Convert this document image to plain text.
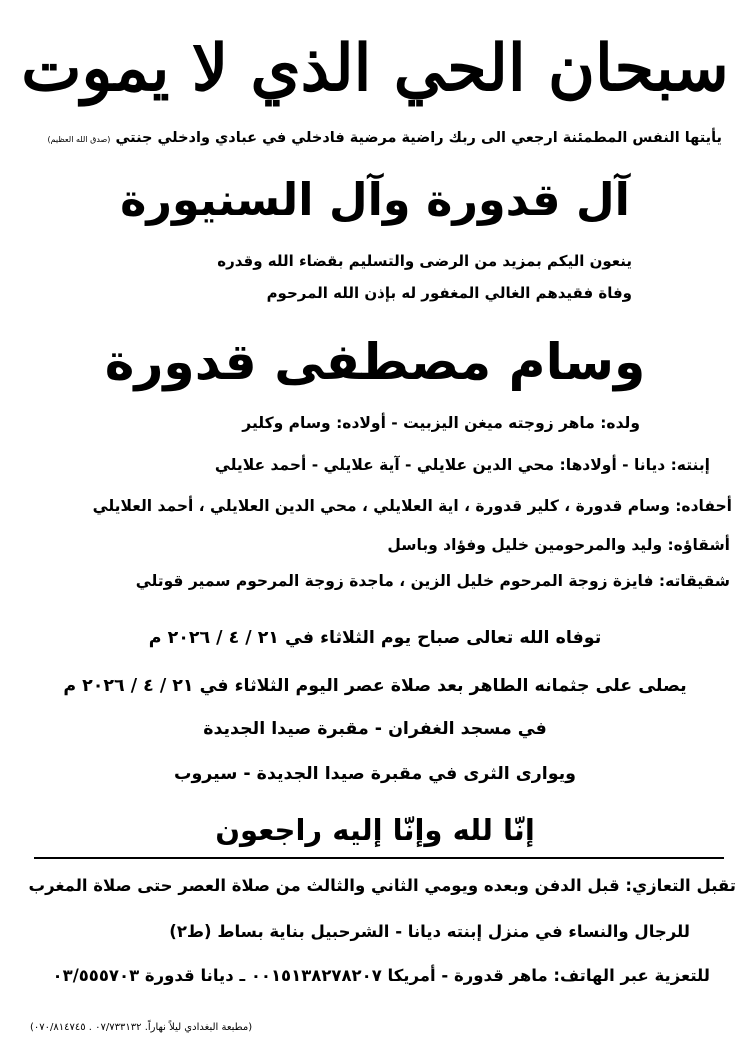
سبحان الحي الذي لا يموت
يأيتها النفس المطمئنة ارجعي الى ربك راضية مرضية فادخلي في عبادي وادخلي جنتي (صدق الله العظيم)
آل قدورة وآل السنيورة
ينعون اليكم بمزيد من الرضى والتسليم بقضاء الله وقدره
وفاة فقيدهم الغالي المغفور له بإذن الله المرحوم
وسام مصطفى قدورة
ولده: ماهر زوجته ميغن اليزبيت - أولاده: وسام وكلير
إبنته: ديانا - أولادها: محي الدين علايلي - آية علايلي - أحمد علايلي
أحفاده: وسام قدورة ، كلير قدورة ، اية العلايلي ، محي الدين العلايلي ، أحمد العلايلي
أشقاؤه: وليد والمرحومين خليل وفؤاد وباسل
شقيقاته: فايزة زوجة المرحوم خليل الزين ، ماجدة زوجة المرحوم سمير قوتلي
توفاه الله تعالى صباح يوم الثلاثاء في ٢١ / ٤ / ٢٠٢٦ م
يصلى على جثمانه الطاهر بعد صلاة عصر اليوم الثلاثاء في ٢١ / ٤ / ٢٠٢٦ م
في مسجد الغفران - مقبرة صيدا الجديدة
ويوارى الثرى في مقبرة صيدا الجديدة - سيروب
إنّا لله وإنّا إليه راجعون
تقبل التعازي: قبل الدفن وبعده ويومي الثاني والثالث من صلاة العصر حتى صلاة المغرب
للرجال والنساء في منزل إبنته ديانا - الشرحبيل بناية بساط (ط٢)
للتعزية عبر الهاتف: ماهر قدورة - أمريكا ٠٠١٥١٣٨٢٧٨٢٠٧ ـ ديانا قدورة ٠٣/٥٥٥٧٠٣
(مطبعة البغدادي ليلاً نهاراً. ٠٧/٧٣٣١٣٢ . ٠٧٠/٨١٤٧٤٥)
